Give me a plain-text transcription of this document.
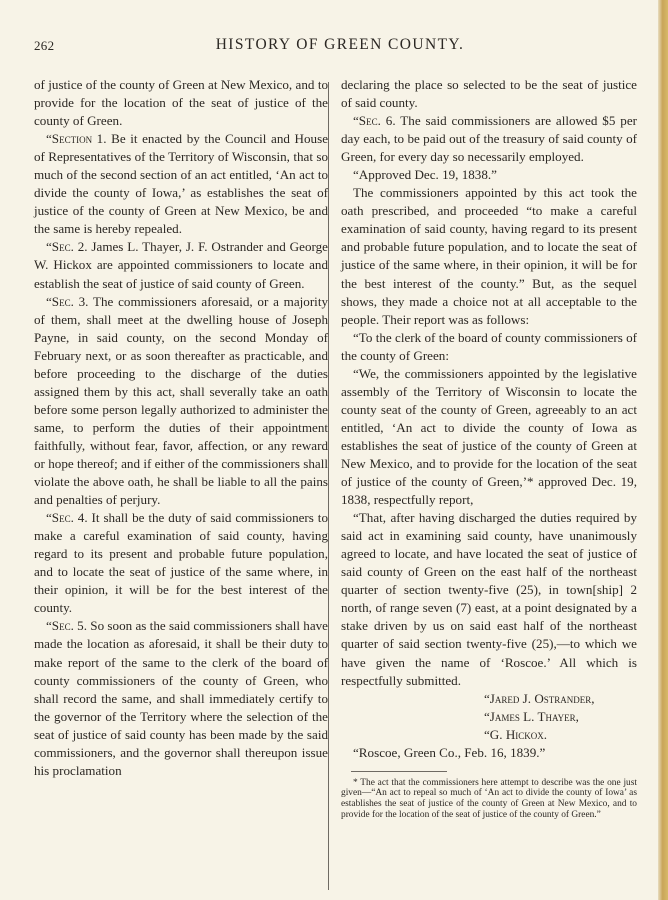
262	HISTORY OF GREEN COUNTY.

of justice of the county of Green at New Mexico, and to provide for the location of the seat of justice of the county of Green.

“Section 1. Be it enacted by the Council and House of Representatives of the Territory of Wisconsin, that so much of the second section of an act entitled, ‘An act to divide the county of Iowa,’ as establishes the seat of justice of the county of Green at New Mexico, be and the same is hereby repealed.

“Sec. 2. James L. Thayer, J. F. Ostrander and George W. Hickox are appointed commissioners to locate and establish the seat of justice of said county of Green.

“Sec. 3. The commissioners aforesaid, or a majority of them, shall meet at the dwelling house of Joseph Payne, in said county, on the second Monday of February next, or as soon thereafter as practicable, and before proceeding to the discharge of the duties assigned them by this act, shall severally take an oath before some person legally authorized to administer the same, to perform the duties of their appointment faithfully, without fear, favor, affection, or any reward or hope thereof; and if either of the commissioners shall violate the above oath, he shall be liable to all the pains and penalties of perjury.

“Sec. 4. It shall be the duty of said commissioners to make a careful examination of said county, having regard to its present and probable future population, and to locate the seat of justice of the same where, in their opinion, it will be for the best interest of the county.

“Sec. 5. So soon as the said commissioners shall have made the location as aforesaid, it shall be their duty to make report of the same to the clerk of the board of county commissioners of the county of Green, who shall record the same, and shall immediately certify to the governor of the Territory where the selection of the seat of justice of said county has been made by the said commissioners, and the governor shall thereupon issue his proclamation

declaring the place so selected to be the seat of justice of said county.

“Sec. 6. The said commissioners are allowed $5 per day each, to be paid out of the treasury of said county of Green, for every day so necessarily employed.

“Approved Dec. 19, 1838.”

The commissioners appointed by this act took the oath prescribed, and proceeded “to make a careful examination of said county, having regard to its present and probable future population, and to locate the seat of justice of the same where, in their opinion, it will be for the best interest of the county.” But, as the sequel shows, they made a choice not at all acceptable to the people. Their report was as follows:

“To the clerk of the board of county commissioners of the county of Green:

“We, the commissioners appointed by the legislative assembly of the Territory of Wisconsin to locate the county seat of the county of Green, agreeably to an act entitled, ‘An act to divide the county of Iowa as establishes the seat of justice of the county of Green at New Mexico, and to provide for the location of the seat of justice of the county of Green,’* approved Dec. 19, 1838, respectfully report,

“That, after having discharged the duties required by said act in examining said county, have unanimously agreed to locate, and have located the seat of justice of said county of Green on the east half of the northeast quarter of section twenty-five (25), in town[ship] 2 north, of range seven (7) east, at a point designated by a stake driven by us on said east half of the northeast quarter of said section twenty-five (25),—to which we have given the name of ‘Roscoe.’ All which is respectfully submitted.

“Jared J. Ostrander,

“James L. Thayer,

“G. Hickox.

“Roscoe, Green Co., Feb. 16, 1839.”

* The act that the commissioners here attempt to describe was the one just given—“An act to repeal so much of ‘An act to divide the county of Iowa’ as establishes the seat of justice of the county of Green at New Mexico, and to provide for the location of the seat of justice of the county of Green.”
